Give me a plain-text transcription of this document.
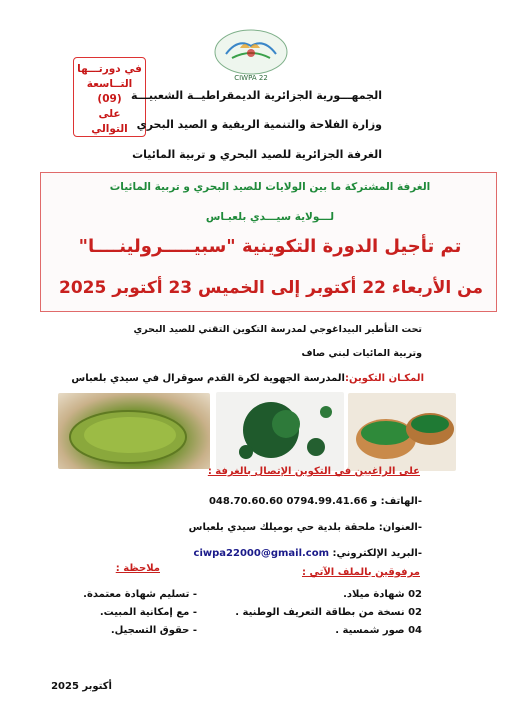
CIWPA 22
في دورتـــها
التــاسعة
(09)
على
التوالي
الجمهـــورية الجزائرية الديمقراطيــة الشعبيـــة
وزارة الفلاحة والتنمية الريفية و الصيد البحري
الغرفة الجزائرية للصيد البحري و تربية المائيات
الغرفة المشتركة ما بين الولايات للصيد البحري و تربية المائيات
لـــولاية سيـــدي بلعبـاس
تم تأجيل الدورة التكوينية "سبيـــــرولينــــا"
من الأربعاء 22 أكتوبر إلى الخميس 23 أكتوبر 2025
تحت التأطير البيداغوجي لمدرسة التكوين التقني للصيد البحري
وتربية المائيات لبني صاف
المكـان التكوين:المدرسة الجهوية لكرة القدم سوقرال في سيدي بلعباس
على الراغبين في التكوين الإتصال بالغرفة :
-الهاتف: 048.70.60.60 و 0794.99.41.66
-العنوان: ملحقة بلدية حي بوميلك سيدي بلعباس
-البريد الإلكتروني: ciwpa22000@gmail.com
مرفوقين بالملف الآتي :
02 شهادة ميلاد.
02 نسخة من بطاقة التعريف الوطنية .
04 صور شمسية .
ملاحظة :
- تسليم شهادة معتمدة.
- مع إمكانية المبيت.
- حقوق التسجيل.
أكتوبر 2025
